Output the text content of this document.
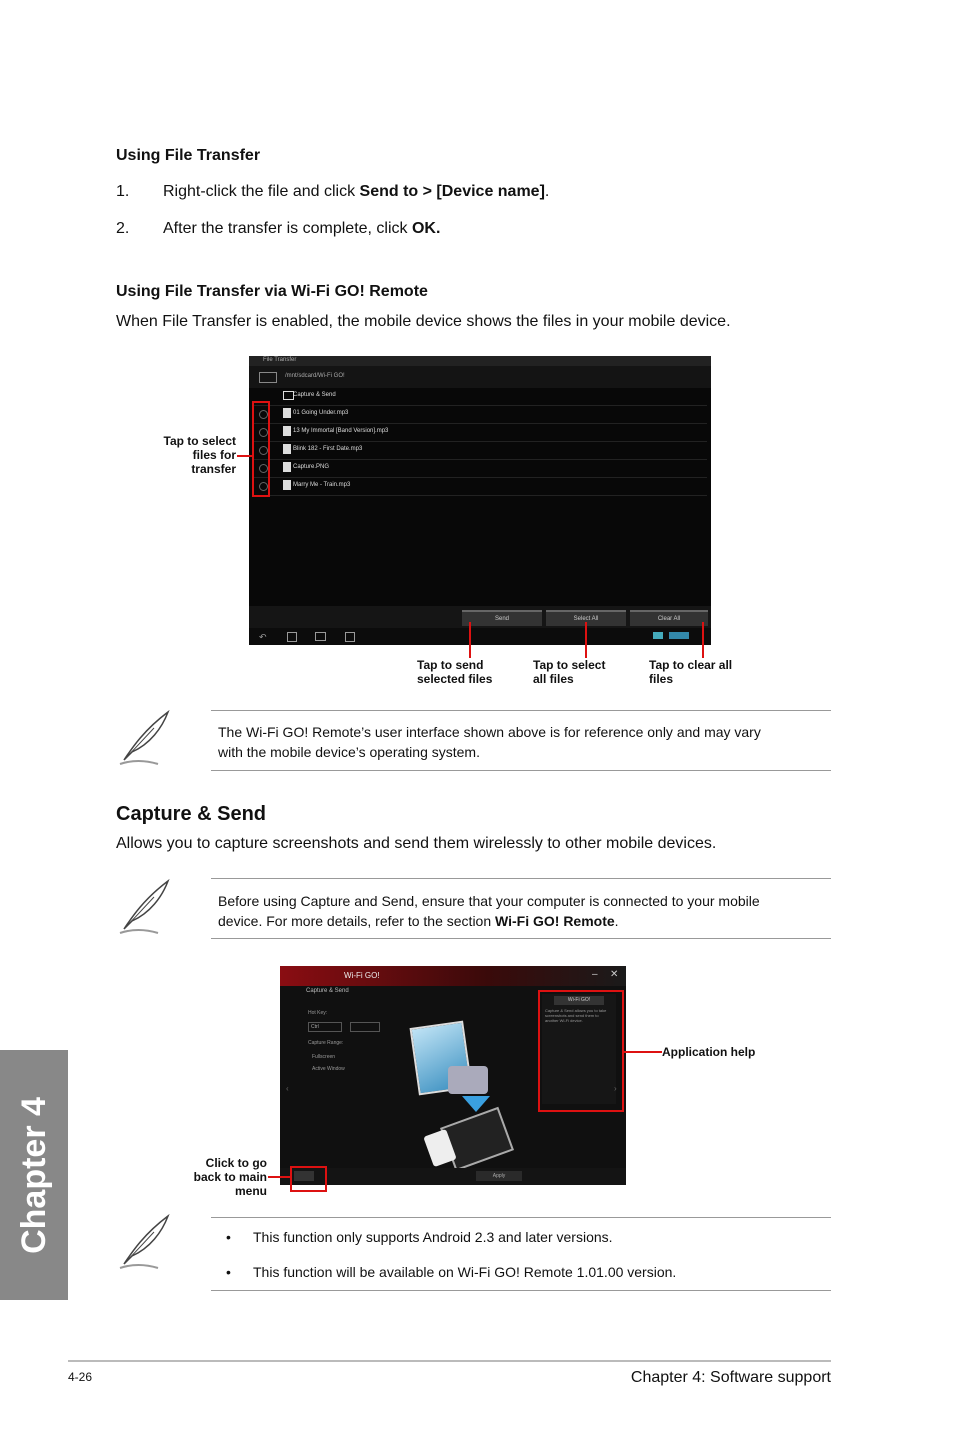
Using File Transfer
1. Right-click the file and click Send to > [Device name].
2. After the transfer is complete, click OK.
Using File Transfer via Wi-Fi GO! Remote
When File Transfer is enabled, the mobile device shows the files in your mobile device.
File Transfer
/mnt/sdcard/Wi-Fi GO!
Capture & Send
01 Going Under.mp3
13 My Immortal [Band Version].mp3
Blink 182 - First Date.mp3
Capture.PNG
Marry Me - Train.mp3
Send	Select All	Clear All
↶
Tap to select
files for
transfer
Tap to send
selected files
Tap to select
all files
Tap to clear all
files
The Wi-Fi GO! Remote’s user interface shown above is for reference only and may vary
with the mobile device’s operating system.
Capture & Send
Allows you to capture screenshots and send them wirelessly to other mobile devices.
Before using Capture and Send, ensure that your computer is connected to your mobile
device. For more details, refer to the section Wi-Fi GO! Remote.
Wi-Fi GO!	– ✕
Capture & Send
Hot Key:
Ctrl
Capture Range:
Fullscreen
Active Window
Wi-Fi GO!
Capture & Send allows you to take screenshots and send them to another Wi-Fi device.
‹	›
Apply
Application help
Click to go
back to main
menu
• This function only supports Android 2.3 and later versions.
• This function will be available on Wi-Fi GO! Remote 1.01.00 version.
Chapter 4
4-26	Chapter 4: Software support
